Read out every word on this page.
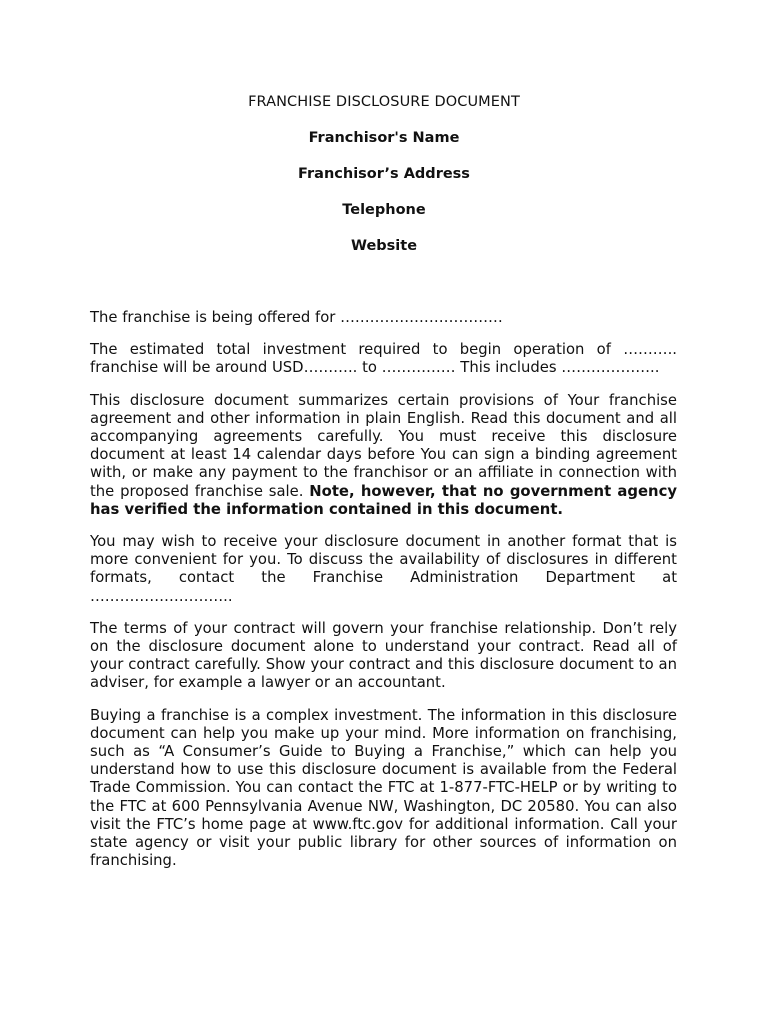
FRANCHISE DISCLOSURE DOCUMENT
Franchisor's Name
Franchisor’s Address
Telephone
Website

The franchise is being offered for ……………………………

The estimated total investment required to begin operation of ……….. franchise will be around USD……….. to …………… This includes ………………..

This disclosure document summarizes certain provisions of Your franchise agreement and other information in plain English. Read this document and all accompanying agreements carefully. You must receive this disclosure document at least 14 calendar days before You can sign a binding agreement with, or make any payment to the franchisor or an affiliate in connection with the proposed franchise sale. Note, however, that no government agency has verified the information contained in this document.

You may wish to receive your disclosure document in another format that is more convenient for you. To discuss the availability of disclosures in different formats, contact the Franchise Administration Department at ………………………..

The terms of your contract will govern your franchise relationship. Don’t rely on the disclosure document alone to understand your contract. Read all of your contract carefully. Show your contract and this disclosure document to an adviser, for example a lawyer or an accountant.

Buying a franchise is a complex investment. The information in this disclosure document can help you make up your mind. More information on franchising, such as “A Consumer’s Guide to Buying a Franchise,” which can help you understand how to use this disclosure document is available from the Federal Trade Commission. You can contact the FTC at 1-877-FTC-HELP or by writing to the FTC at 600 Pennsylvania Avenue NW, Washington, DC 20580. You can also visit the FTC’s home page at www.ftc.gov for additional information. Call your state agency or visit your public library for other sources of information on franchising.
